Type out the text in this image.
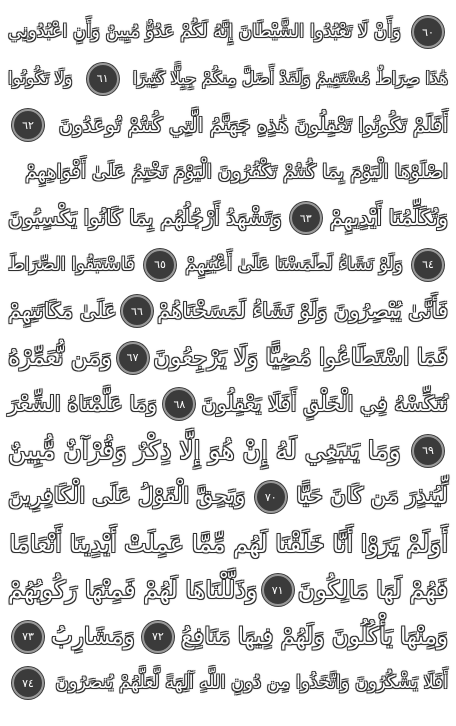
٦٠
وَأَنْ لَا تَعْبُدُوا الشَّيْطَانَ إِنَّهُ لَكُمْ عَدُوٌّ مُبِينٌ وَأَنِ اعْبُدُونِي
هَٰذَا صِرَاطٌ مُسْتَقِيمٌ وَلَقَدْ أَضَلَّ مِنكُمْ جِبِلًّا كَثِيرًا
٦١
وَلَا تَكُونُوا
أَفَلَمْ تَكُونُوا تَعْقِلُونَ هَٰذِهِ جَهَنَّمُ الَّتِي كُنتُمْ تُوعَدُونَ
٦٢
اصْلَوْهَا الْيَوْمَ بِمَا كُنتُمْ تَكْفُرُونَ الْيَوْمَ نَخْتِمُ عَلَىٰ أَفْوَاهِهِمْ
وَتُكَلِّمُنَا أَيْدِيهِمْ
٦٣
وَتَشْهَدُ أَرْجُلُهُم بِمَا كَانُوا يَكْسِبُونَ
٦٤
وَلَوْ نَشَاءُ لَطَمَسْنَا عَلَىٰ أَعْيُنِهِمْ
٦٥
فَاسْتَبَقُوا الصِّرَاطَ
فَأَنَّىٰ يُبْصِرُونَ وَلَوْ نَشَاءُ لَمَسَخْنَاهُمْ
٦٦
عَلَىٰ مَكَانَتِهِمْ
فَمَا اسْتَطَاعُوا مُضِيًّا وَلَا يَرْجِعُونَ
٦٧
وَمَن نُّعَمِّرْهُ
نُنَكِّسْهُ فِي الْخَلْقِ أَفَلَا يَعْقِلُونَ
٦٨
وَمَا عَلَّمْنَاهُ الشِّعْرَ
٦٩
وَمَا يَنبَغِي لَهُ إِنْ هُوَ إِلَّا ذِكْرٌ وَقُرْآنٌ مُّبِينٌ
لِّيُنذِرَ مَن كَانَ حَيًّا
٧٠
وَيَحِقَّ الْقَوْلُ عَلَى الْكَافِرِينَ
أَوَلَمْ يَرَوْا أَنَّا خَلَقْنَا لَهُم مِّمَّا عَمِلَتْ أَيْدِينَا أَنْعَامًا
فَهُمْ لَهَا مَالِكُونَ
٧١
وَذَلَّلْنَاهَا لَهُمْ فَمِنْهَا رَكُوبُهُمْ
وَمِنْهَا يَأْكُلُونَ وَلَهُمْ فِيهَا مَنَافِعُ
٧٢
وَمَشَارِبُ
٧٣
أَفَلَا يَشْكُرُونَ وَاتَّخَذُوا مِن دُونِ اللَّهِ آلِهَةً لَّعَلَّهُمْ يُنصَرُونَ
٧٤
